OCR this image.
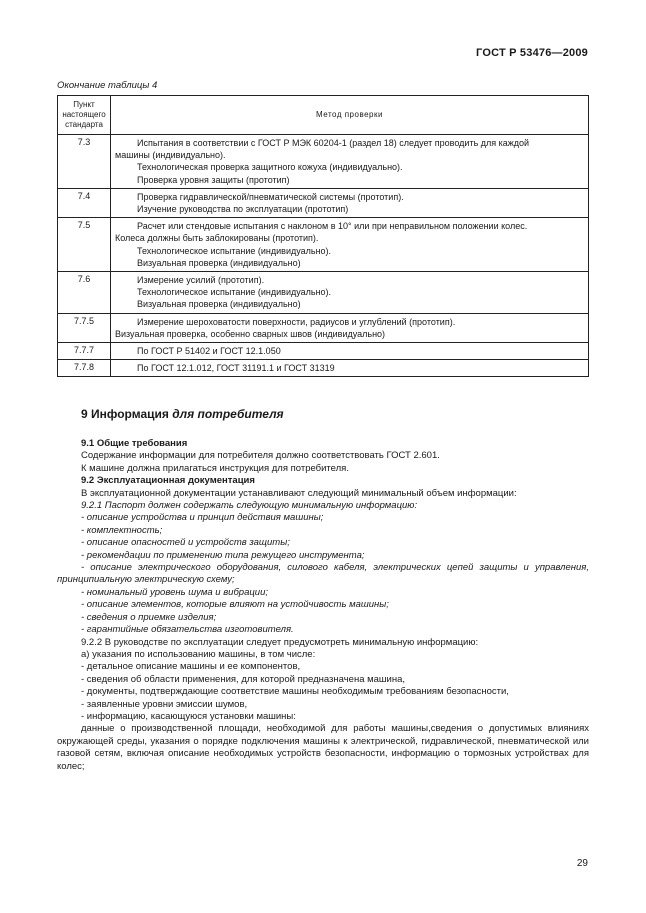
ГОСТ Р 53476—2009
Окончание таблицы 4
Пункт настоящего стандарта	Метод проверки
7.3	Испытания в соответствии с ГОСТ Р МЭК 60204-1 (раздел 18) следует проводить для каждой
машины (индивидуально).
Технологическая проверка защитного кожуха (индивидуально).
Проверка уровня защиты (прототип)

7.4	Проверка гидравлической/пневматической системы (прототип).
Изучение руководства по эксплуатации (прототип)

7.5	Расчет или стендовые испытания с наклоном в 10° или при неправильном положении колес.
Колеса должны быть заблокированы (прототип).
Технологическое испытание (индивидуально).
Визуальная проверка (индивидуально)

7.6	Измерение усилий (прототип).
Технологическое испытание (индивидуально).
Визуальная проверка (индивидуально)

7.7.5	Измерение шероховатости поверхности, радиусов и углублений (прототип).
Визуальная проверка, особенно сварных швов (индивидуально)

7.7.7	По ГОСТ Р 51402 и ГОСТ 12.1.050

7.7.8	По ГОСТ 12.1.012, ГОСТ 31191.1 и ГОСТ 31319
9 Информация для потребителя
9.1 Общие требования
Содержание информации для потребителя должно соответствовать ГОСТ 2.601.
К машине должна прилагаться инструкция для потребителя.
9.2 Эксплуатационная документация
В эксплуатационной документации устанавливают следующий минимальный объем информации:
9.2.1 Паспорт должен содержать следующую минимальную информацию:
- описание устройства и принцип действия машины;
- комплектность;
- описание опасностей и устройств защиты;
- рекомендации по применению типа режущего инструмента;
- описание электрического оборудования, силового кабеля, электрических цепей защиты и управления, принципиальную электрическую схему;
- номинальный уровень шума и вибрации;
- описание элементов, которые влияют на устойчивость машины;
- сведения о приемке изделия;
- гарантийные обязательства изготовителя.
9.2.2 В руководстве по эксплуатации следует предусмотреть минимальную информацию:
а) указания по использованию машины, в том числе:
- детальное описание машины и ее компонентов,
- сведения об области применения, для которой предназначена машина,
- документы, подтверждающие соответствие машины необходимым требованиям безопасности,
- заявленные уровни эмиссии шумов,
- информацию, касающуюся установки машины:
данные о производственной площади, необходимой для работы машины,сведения о допустимых влияниях окружающей среды, указания о порядке подключения машины к электрической, гидравлической, пневматической или газовой сетям, включая описание необходимых устройств безопасности, информацию о тормозных устройствах для колес;
29
